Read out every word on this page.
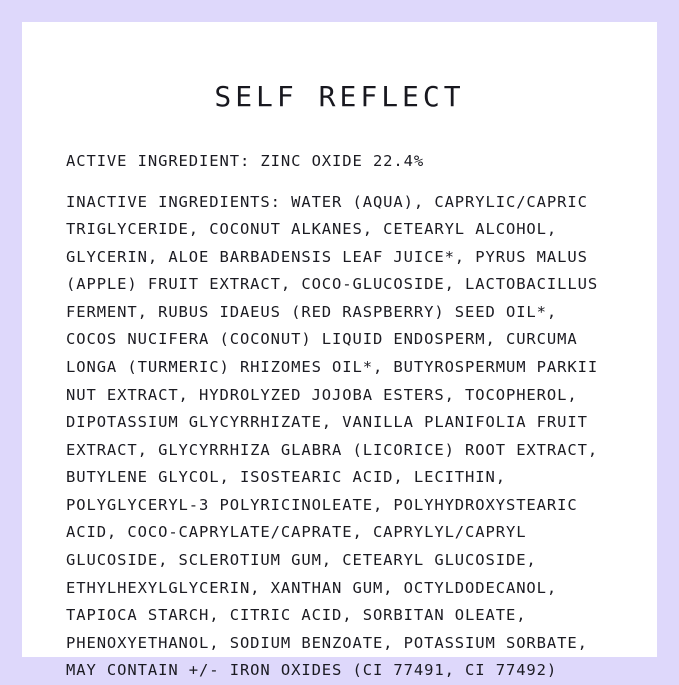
SELF REFLECT

ACTIVE INGREDIENT: ZINC OXIDE 22.4%

INACTIVE INGREDIENTS: WATER (AQUA), CAPRYLIC/CAPRIC TRIGLYCERIDE, COCONUT ALKANES, CETEARYL ALCOHOL, GLYCERIN, ALOE BARBADENSIS LEAF JUICE*, PYRUS MALUS (APPLE) FRUIT EXTRACT, COCO-GLUCOSIDE, LACTOBACILLUS FERMENT, RUBUS IDAEUS (RED RASPBERRY) SEED OIL*, COCOS NUCIFERA (COCONUT) LIQUID ENDOSPERM, CURCUMA LONGA (TURMERIC) RHIZOMES OIL*, BUTYROSPERMUM PARKII NUT EXTRACT, HYDROLYZED JOJOBA ESTERS, TOCOPHEROL, DIPOTASSIUM GLYCYRRHIZATE, VANILLA PLANIFOLIA FRUIT EXTRACT, GLYCYRRHIZA GLABRA (LICORICE) ROOT EXTRACT, BUTYLENE GLYCOL, ISOSTEARIC ACID, LECITHIN, POLYGLYCERYL-3 POLYRICINOLEATE, POLYHYDROXYSTEARIC ACID, COCO-CAPRYLATE/CAPRATE, CAPRYLYL/CAPRYL GLUCOSIDE, SCLEROTIUM GUM, CETEARYL GLUCOSIDE, ETHYLHEXYLGLYCERIN, XANTHAN GUM, OCTYLDODECANOL, TAPIOCA STARCH, CITRIC ACID, SORBITAN OLEATE, PHENOXYETHANOL, SODIUM BENZOATE, POTASSIUM SORBATE, MAY CONTAIN +/- IRON OXIDES (CI 77491, CI 77492)
